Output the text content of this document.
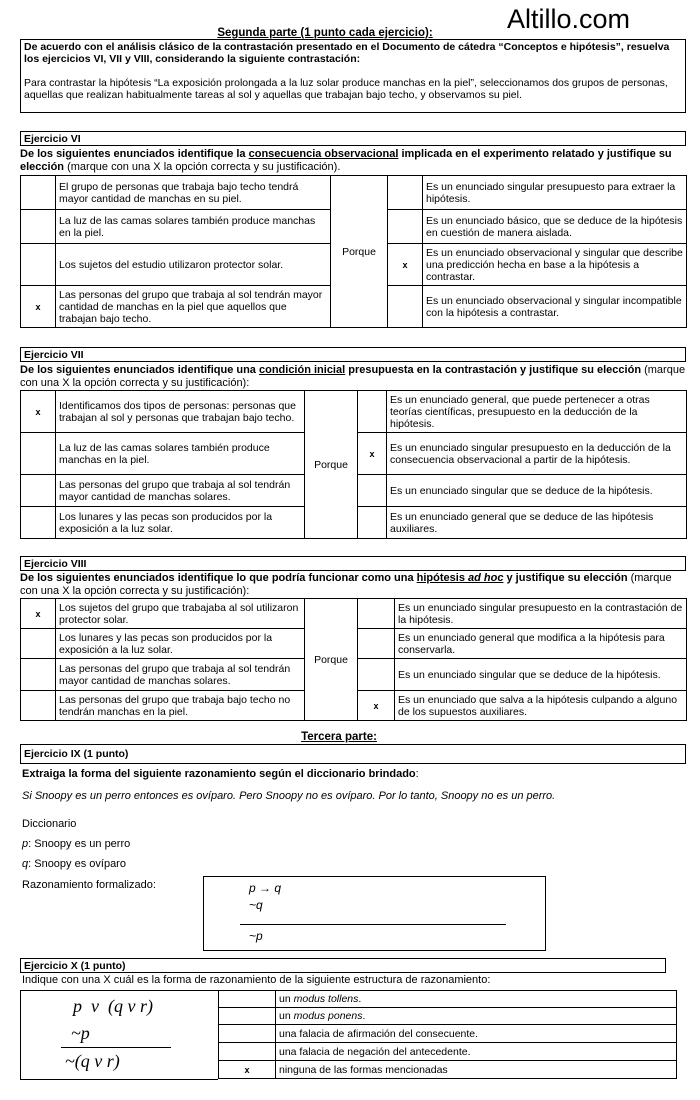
Altillo.com
Segunda parte (1 punto cada ejercicio):
De acuerdo con el análisis clásico de la contrastación presentado en el Documento de cátedra “Conceptos e hipótesis”, resuelva los ejercicios VI, VII y VIII, considerando la siguiente contrastación:
Para contrastar la hipótesis “La exposición prolongada a la luz solar produce manchas en la piel”, seleccionamos dos grupos de personas, aquellas que realizan habitualmente tareas al sol y aquellas que trabajan bajo techo, y observamos su piel.
Ejercicio VI
De los siguientes enunciados identifique la consecuencia observacional implicada en el experimento relatado y justifique su elección (marque con una X la opción correcta y su justificación).
	El grupo de personas que trabaja bajo techo tendrá mayor cantidad de manchas en su piel.	Porque		Es un enunciado singular presupuesto para extraer la hipótesis.
	La luz de las camas solares también produce manchas en la piel.			Es un enunciado básico, que se deduce de la hipótesis en cuestión de manera aislada.
	Los sujetos del estudio utilizaron protector solar.		x	Es un enunciado observacional y singular que describe una predicción hecha en base a la hipótesis a contrastar.
x	Las personas del grupo que trabaja al sol tendrán mayor cantidad de manchas en la piel que aquellos que trabajan bajo techo.			Es un enunciado observacional y singular incompatible con la hipótesis a contrastar.
Ejercicio VII
De los siguientes enunciados identifique una condición inicial presupuesta en la contrastación y justifique su elección (marque con una X la opción correcta y su justificación):
x	Identificamos dos tipos de personas: personas que trabajan al sol y personas que trabajan bajo techo.	Porque		Es un enunciado general, que puede pertenecer a otras teorías científicas, presupuesto en la deducción de la hipótesis.
	La luz de las camas solares también produce manchas en la piel.		x	Es un enunciado singular presupuesto en la deducción de la consecuencia observacional a partir de la hipótesis.
	Las personas del grupo que trabaja al sol tendrán mayor cantidad de manchas solares.			Es un enunciado singular que se deduce de la hipótesis.
	Los lunares y las pecas son producidos por la exposición a la luz solar.			Es un enunciado general que se deduce de las hipótesis auxiliares.
Ejercicio VIII
De los siguientes enunciados identifique lo que podría funcionar como una hipótesis ad hoc y justifique su elección (marque con una X la opción correcta y su justificación):
x	Los sujetos del grupo que trabajaba al sol utilizaron protector solar.	Porque		Es un enunciado singular presupuesto en la contrastación de la hipótesis.
	Los lunares y las pecas son producidos por la exposición a la luz solar.			Es un enunciado general que modifica a la hipótesis para conservarla.
	Las personas del grupo que trabaja al sol tendrán mayor cantidad de manchas solares.			Es un enunciado singular que se deduce de la hipótesis.
	Las personas del grupo que trabaja bajo techo no tendrán manchas en la piel.		x	Es un enunciado que salva a la hipótesis culpando a alguno de los supuestos auxiliares.
Tercera parte:
Ejercicio IX (1 punto)
Extraiga la forma del siguiente razonamiento según el diccionario brindado:
Si Snoopy es un perro entonces es ovíparo. Pero Snoopy no es ovíparo. Por lo tanto, Snoopy no es un perro.
Diccionario
p: Snoopy es un perro
q: Snoopy es ovíparo
Razonamiento formalizado:	p → q
~q
~p
Ejercicio X (1 punto)
Indique con una X cuál es la forma de razonamiento de la siguiente estructura de razonamiento:
p  v  (q v r)
~p
~(q v r)
	un modus tollens.
	un modus ponens.
	una falacia de afirmación del consecuente.
	una falacia de negación del antecedente.
x	ninguna de las formas mencionadas
